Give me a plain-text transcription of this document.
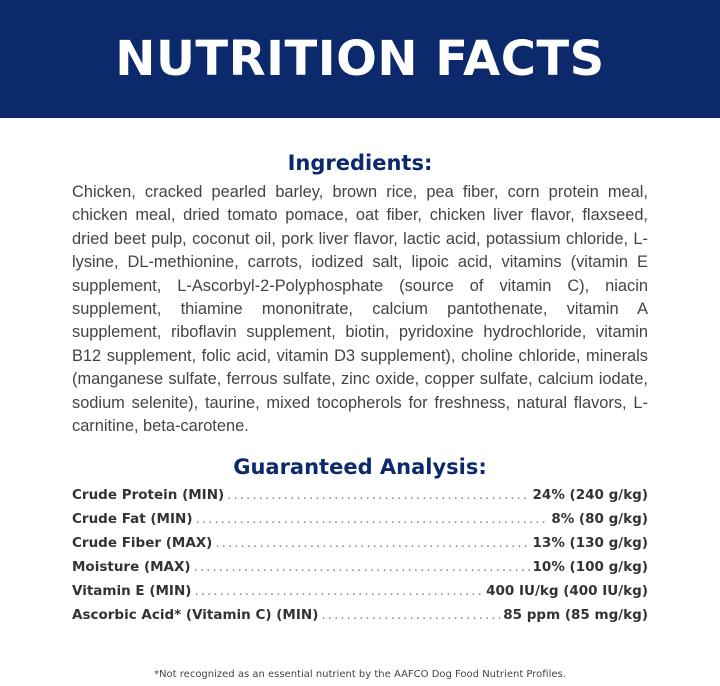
NUTRITION FACTS
Ingredients:

Chicken, cracked pearled barley, brown rice, pea fiber, corn protein meal, chicken meal, dried tomato pomace, oat fiber, chicken liver flavor, flaxseed, dried beet pulp, coconut oil, pork liver flavor, lactic acid, potassium chloride, L-lysine, DL-methionine, carrots, iodized salt, lipoic acid, vitamins (vitamin E supplement, L-Ascorbyl-2-Polyphosphate (source of vitamin C), niacin supplement, thiamine mononitrate, calcium pantothenate, vitamin A supplement, riboflavin supplement, biotin, pyridoxine hydrochloride, vitamin B12 supplement, folic acid, vitamin D3 supplement), choline chloride, minerals (manganese sulfate, ferrous sulfate, zinc oxide, copper sulfate, calcium iodate, sodium selenite), taurine, mixed tocopherols for freshness, natural flavors, L-carnitine, beta-carotene.

Guaranteed Analysis:
Crude Protein (MIN) .....	24% (240 g/kg)
Crude Fat (MIN) .....	8% (80 g/kg)
Crude Fiber (MAX) .....	13% (130 g/kg)
Moisture (MAX) .....	10% (100 g/kg)
Vitamin E (MIN) .....	400 IU/kg (400 IU/kg)
Ascorbic Acid* (Vitamin C) (MIN) .....	85 ppm (85 mg/kg)

*Not recognized as an essential nutrient by the AAFCO Dog Food Nutrient Profiles.
